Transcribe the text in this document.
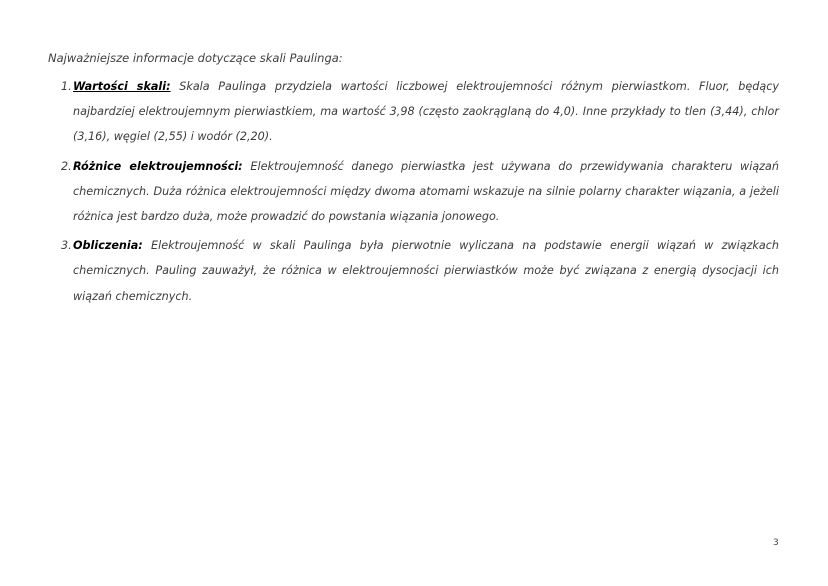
Najważniejsze informacje dotyczące skali Paulinga:
1. Wartości skali: Skala Paulinga przydziela wartości liczbowej elektroujemności różnym pierwiastkom. Fluor, będący najbardziej elektroujemnym pierwiastkiem, ma wartość 3,98 (często zaokrąglaną do 4,0). Inne przykłady to tlen (3,44), chlor (3,16), węgiel (2,55) i wodór (2,20).
2. Różnice elektroujemności: Elektroujemność danego pierwiastka jest używana do przewidywania charakteru wiązań chemicznych. Duża różnica elektroujemności między dwoma atomami wskazuje na silnie polarny charakter wiązania, a jeżeli różnica jest bardzo duża, może prowadzić do powstania wiązania jonowego.
3. Obliczenia: Elektroujemność w skali Paulinga była pierwotnie wyliczana na podstawie energii wiązań w związkach chemicznych. Pauling zauważył, że różnica w elektroujemności pierwiastków może być związana z energią dysocjacji ich wiązań chemicznych.
3
